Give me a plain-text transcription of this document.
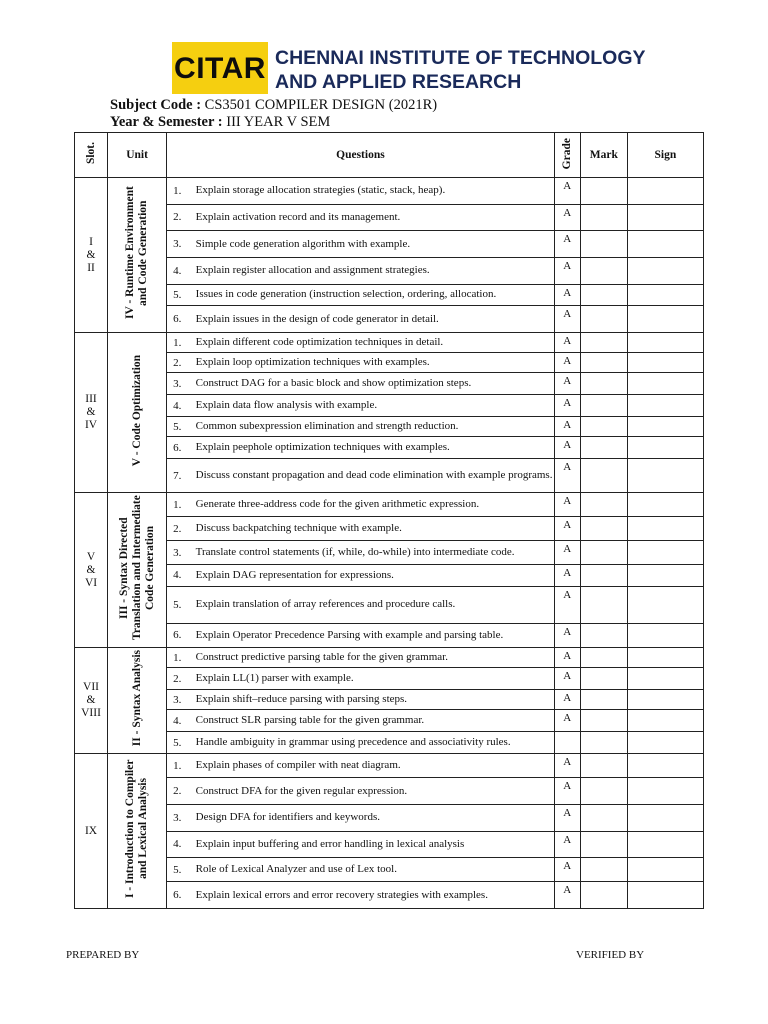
CITAR CHENNAI INSTITUTE OF TECHNOLOGY
AND APPLIED RESEARCH
Subject Code : CS3501 COMPILER DESIGN (2021R)
Year & Semester : III YEAR V SEM
Slot.	Unit	Questions		Grade	Mark	Sign

I
&
II	IV - Runtime Environment and Code Generation	1.	Explain storage allocation strategies (static, stack, heap).	A		
		2.	Explain activation record and its management.	A		
		3.	Simple code generation algorithm with example.	A		
		4.	Explain register allocation and assignment strategies.	A		
		5.	Issues in code generation (instruction selection, ordering, allocation.	A		
		6.	Explain issues in the design of code generator in detail.	A		

III
&
IV	V - Code Optimization	1.	Explain different code optimization techniques in detail.	A		
		2.	Explain loop optimization techniques with examples.	A		
		3.	Construct DAG for a basic block and show optimization steps.	A		
		4.	Explain data flow analysis with example.	A		
		5.	Common subexpression elimination and strength reduction.	A		
		6.	Explain peephole optimization techniques with examples.	A		
		7.	Discuss constant propagation and dead code elimination with example programs.	A		

V
&
VI	III - Syntax Directed Translation and Intermediate Code Generation	1.	Generate three-address code for the given arithmetic expression.	A		
		2.	Discuss backpatching technique with example.	A		
		3.	Translate control statements (if, while, do-while) into intermediate code.	A		
		4.	Explain DAG representation for expressions.	A		
		5.	Explain translation of array references and procedure calls.	A		
		6.	Explain Operator Precedence Parsing with example and parsing table.	A		

VII
&
VIII	II - Syntax Analysis	1.	Construct predictive parsing table for the given grammar.	A		
		2.	Explain LL(1) parser with example.	A		
		3.	Explain shift–reduce parsing with parsing steps.	A		
		4.	Construct SLR parsing table for the given grammar.	A		
		5.	Handle ambiguity in grammar using precedence and associativity rules.			

IX	I - Introduction to Compiler and Lexical Analysis	1.	Explain phases of compiler with neat diagram.	A		
		2.	Construct DFA for the given regular expression.	A		
		3.	Design DFA for identifiers and keywords.	A		
		4.	Explain input buffering and error handling in lexical analysis	A		
		5.	Role of Lexical Analyzer and use of Lex tool.	A		
		6.	Explain lexical errors and error recovery strategies with examples.	A		
PREPARED BY	VERIFIED BY
